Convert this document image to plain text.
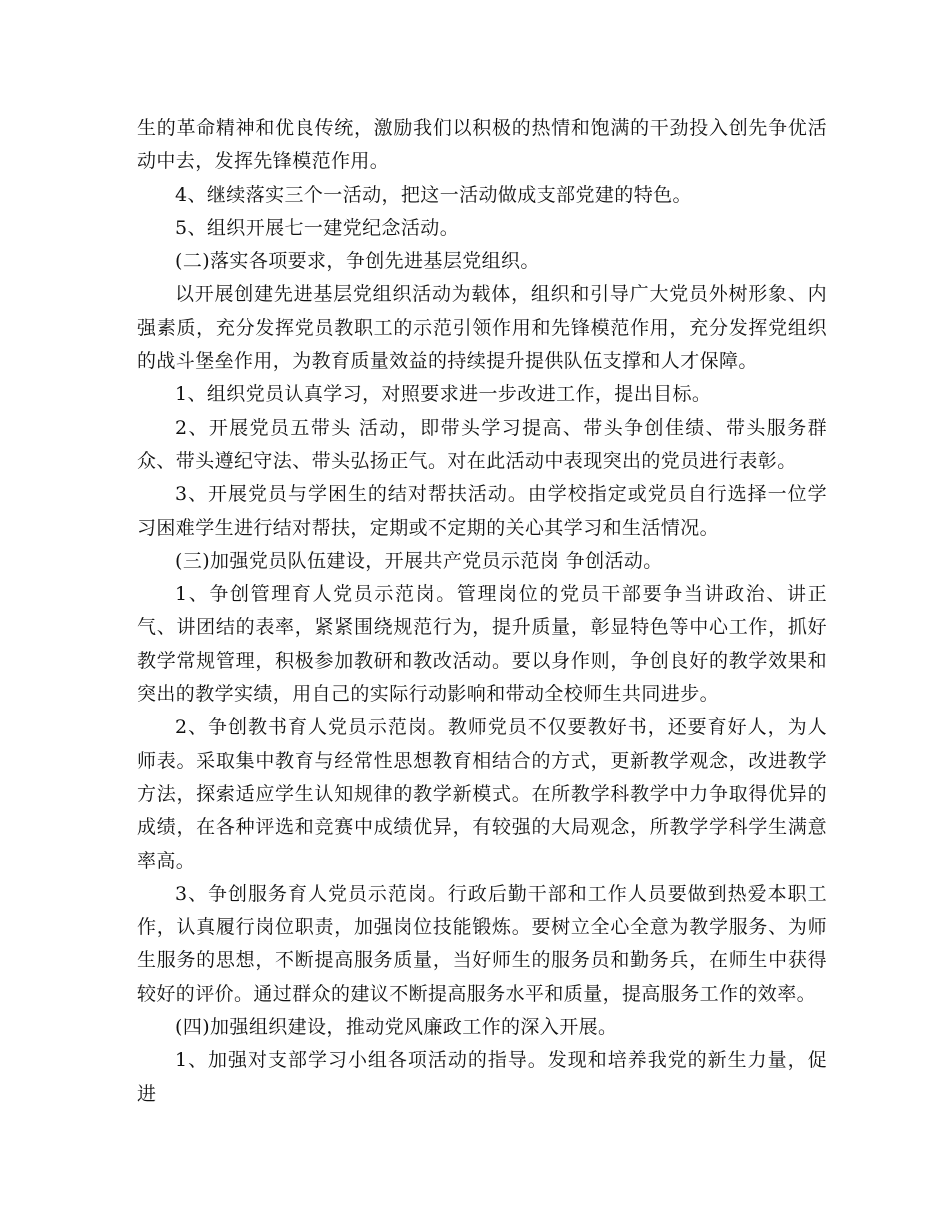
生的革命精神和优良传统，激励我们以积极的热情和饱满的干劲投入创先争优活动中去，发挥先锋模范作用。

4、继续落实三个一活动，把这一活动做成支部党建的特色。

5、组织开展七一建党纪念活动。

(二)落实各项要求，争创先进基层党组织。

以开展创建先进基层党组织活动为载体，组织和引导广大党员外树形象、内强素质，充分发挥党员教职工的示范引领作用和先锋模范作用，充分发挥党组织的战斗堡垒作用，为教育质量效益的持续提升提供队伍支撑和人才保障。

1、组织党员认真学习，对照要求进一步改进工作，提出目标。

2、开展党员五带头 活动，即带头学习提高、带头争创佳绩、带头服务群众、带头遵纪守法、带头弘扬正气。对在此活动中表现突出的党员进行表彰。

3、开展党员与学困生的结对帮扶活动。由学校指定或党员自行选择一位学习困难学生进行结对帮扶，定期或不定期的关心其学习和生活情况。

(三)加强党员队伍建设，开展共产党员示范岗 争创活动。

1、争创管理育人党员示范岗。管理岗位的党员干部要争当讲政治、讲正气、讲团结的表率，紧紧围绕规范行为，提升质量，彰显特色等中心工作，抓好教学常规管理，积极参加教研和教改活动。要以身作则，争创良好的教学效果和突出的教学实绩，用自己的实际行动影响和带动全校师生共同进步。

2、争创教书育人党员示范岗。教师党员不仅要教好书，还要育好人，为人师表。采取集中教育与经常性思想教育相结合的方式，更新教学观念，改进教学方法，探索适应学生认知规律的教学新模式。在所教学科教学中力争取得优异的成绩，在各种评选和竞赛中成绩优异，有较强的大局观念，所教学学科学生满意率高。

3、争创服务育人党员示范岗。行政后勤干部和工作人员要做到热爱本职工作，认真履行岗位职责，加强岗位技能锻炼。要树立全心全意为教学服务、为师生服务的思想，不断提高服务质量，当好师生的服务员和勤务兵，在师生中获得较好的评价。通过群众的建议不断提高服务水平和质量，提高服务工作的效率。

(四)加强组织建设，推动党风廉政工作的深入开展。

1、加强对支部学习小组各项活动的指导。发现和培养我党的新生力量，促进
